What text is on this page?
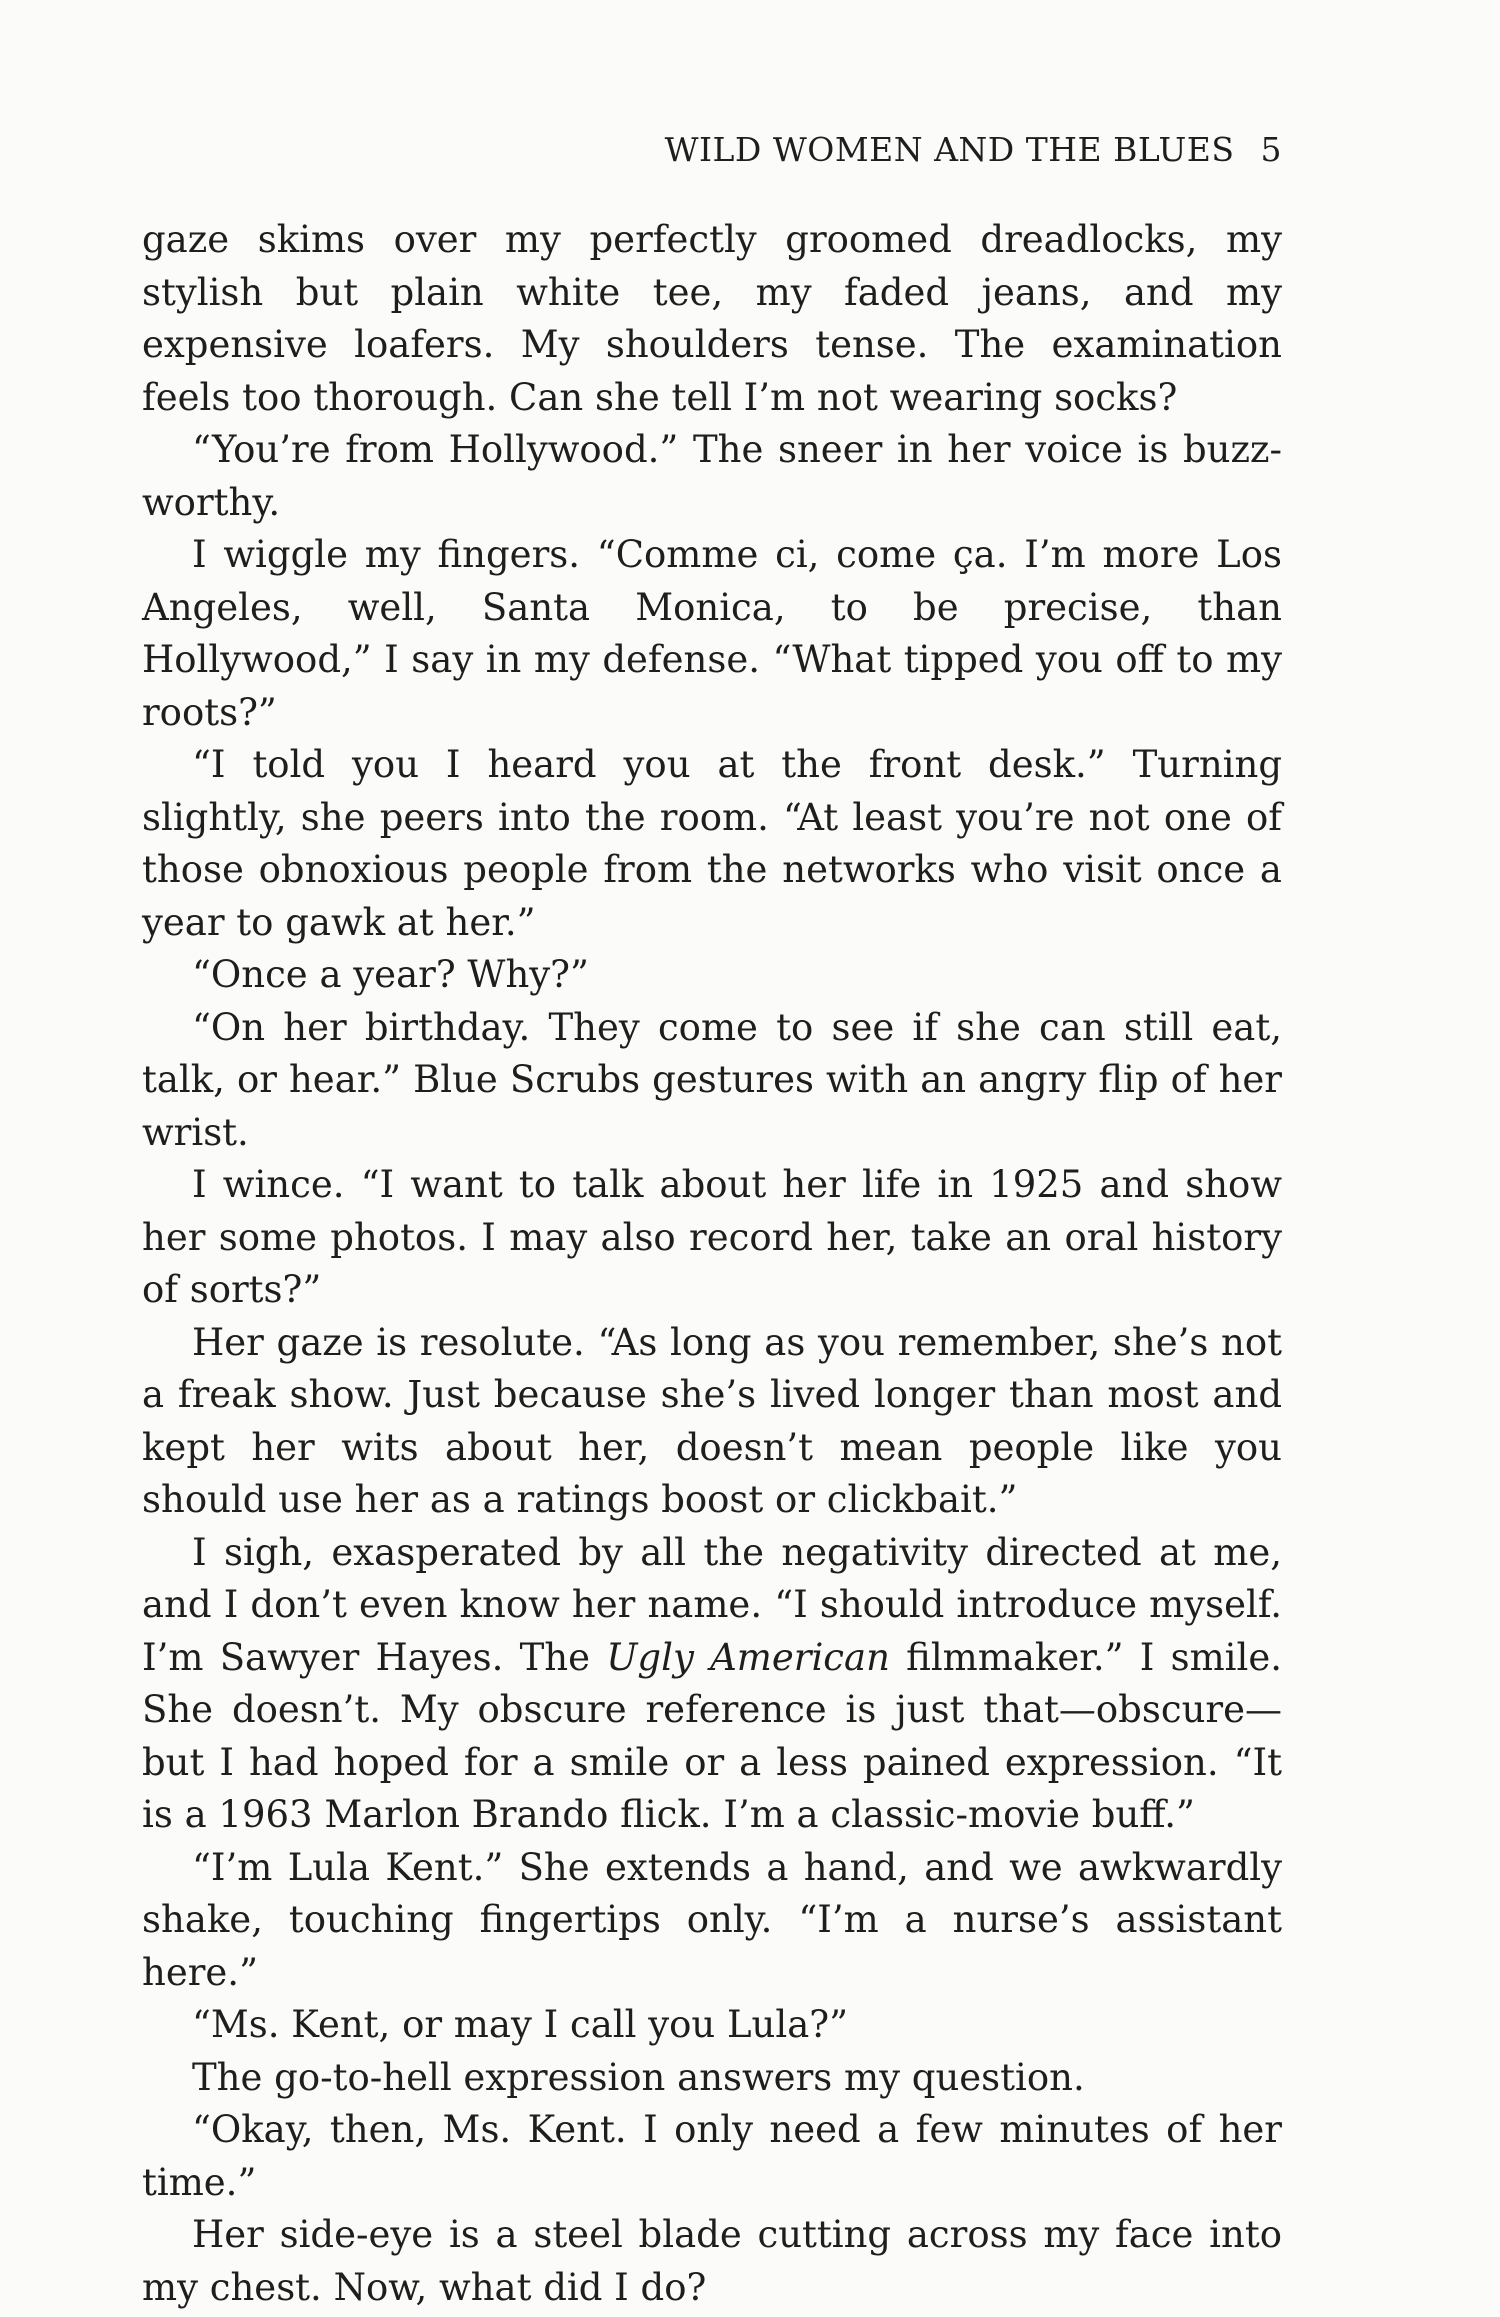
WILD WOMEN AND THE BLUES 5

gaze skims over my perfectly groomed dreadlocks, my stylish but plain white tee, my faded jeans, and my expensive loafers. My shoulders tense. The examination feels too thorough. Can she tell I’m not wearing socks?

“You’re from Hollywood.” The sneer in her voice is buzzworthy.

I wiggle my fingers. “Comme ci, come ça. I’m more Los Angeles, well, Santa Monica, to be precise, than Hollywood,” I say in my defense. “What tipped you off to my roots?”

“I told you I heard you at the front desk.” Turning slightly, she peers into the room. “At least you’re not one of those obnoxious people from the networks who visit once a year to gawk at her.”

“Once a year? Why?”

“On her birthday. They come to see if she can still eat, talk, or hear.” Blue Scrubs gestures with an angry flip of her wrist.

I wince. “I want to talk about her life in 1925 and show her some photos. I may also record her, take an oral history of sorts?”

Her gaze is resolute. “As long as you remember, she’s not a freak show. Just because she’s lived longer than most and kept her wits about her, doesn’t mean people like you should use her as a ratings boost or clickbait.”

I sigh, exasperated by all the negativity directed at me, and I don’t even know her name. “I should introduce myself. I’m Sawyer Hayes. The Ugly American filmmaker.” I smile. She doesn’t. My obscure reference is just that—obscure—but I had hoped for a smile or a less pained expression. “It is a 1963 Marlon Brando flick. I’m a classic-movie buff.”

“I’m Lula Kent.” She extends a hand, and we awkwardly shake, touching fingertips only. “I’m a nurse’s assistant here.”

“Ms. Kent, or may I call you Lula?”

The go-to-hell expression answers my question.

“Okay, then, Ms. Kent. I only need a few minutes of her time.”

Her side-eye is a steel blade cutting across my face into my chest. Now, what did I do?
